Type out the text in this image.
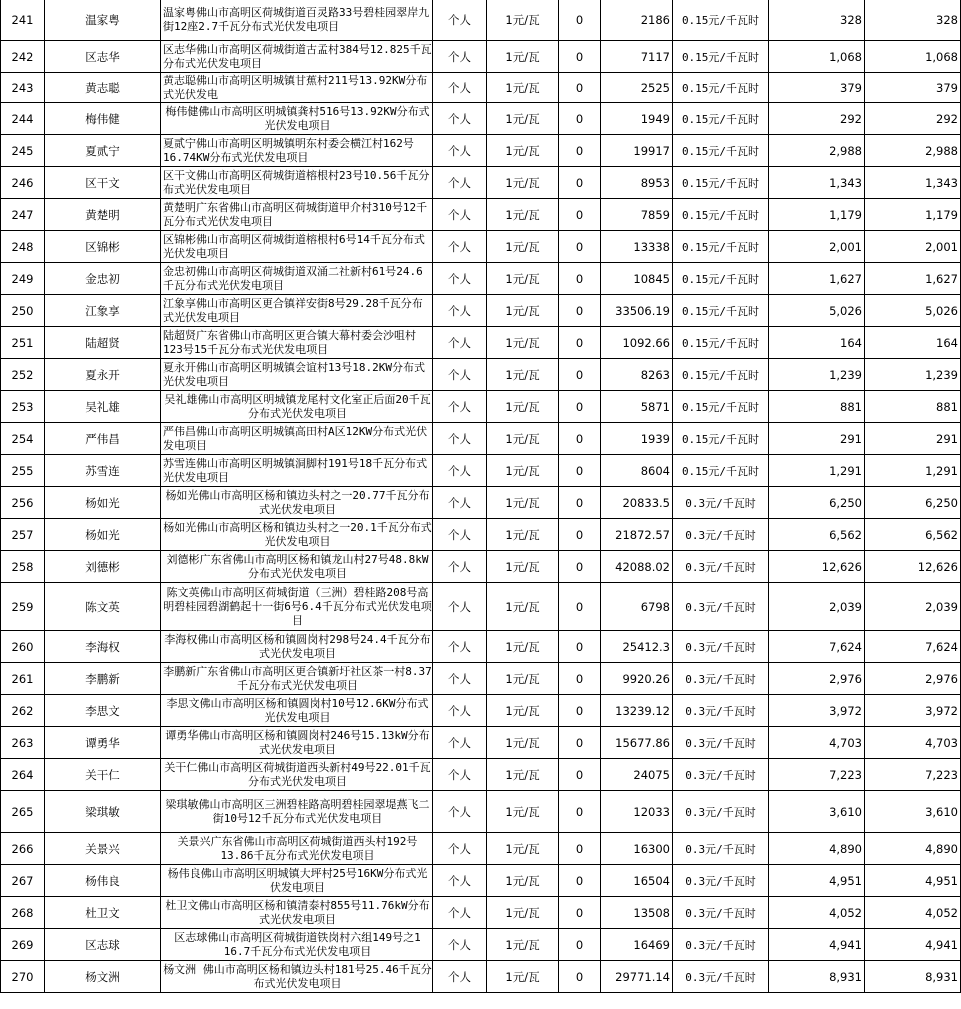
241	温家粤	温家粤佛山市高明区荷城街道百灵路33号碧桂园翠岸九街12座2.7千瓦分布式光伏发电项目	个人	1元/瓦	0	2186	0.15元/千瓦时	328	328
242	区志华	区志华佛山市高明区荷城街道古孟村384号12.825千瓦分布式光伏发电项目	个人	1元/瓦	0	7117	0.15元/千瓦时	1,068	1,068
243	黄志聪	黄志聪佛山市高明区明城镇甘蕉村211号13.92KW分布式光伏发电	个人	1元/瓦	0	2525	0.15元/千瓦时	379	379
244	梅伟健	梅伟健佛山市高明区明城镇龚村516号13.92KW分布式光伏发电项目	个人	1元/瓦	0	1949	0.15元/千瓦时	292	292
245	夏贰宁	夏贰宁佛山市高明区明城镇明东村委会横江村162号16.74KW分布式光伏发电项目	个人	1元/瓦	0	19917	0.15元/千瓦时	2,988	2,988
246	区干文	区干文佛山市高明区荷城街道榕根村23号10.56千瓦分布式光伏发电项目	个人	1元/瓦	0	8953	0.15元/千瓦时	1,343	1,343
247	黄楚明	黄楚明广东省佛山市高明区荷城街道甲介村310号12千瓦分布式光伏发电项目	个人	1元/瓦	0	7859	0.15元/千瓦时	1,179	1,179
248	区锦彬	区锦彬佛山市高明区荷城街道榕根村6号14千瓦分布式光伏发电项目	个人	1元/瓦	0	13338	0.15元/千瓦时	2,001	2,001
249	金忠初	金忠初佛山市高明区荷城街道双涌二社新村61号24.6千瓦分布式光伏发电项目	个人	1元/瓦	0	10845	0.15元/千瓦时	1,627	1,627
250	江象享	江象享佛山市高明区更合镇祥安街8号29.28千瓦分布式光伏发电项目	个人	1元/瓦	0	33506.19	0.15元/千瓦时	5,026	5,026
251	陆超贤	陆超贤广东省佛山市高明区更合镇大幕村委会沙咀村123号15千瓦分布式光伏发电项目	个人	1元/瓦	0	1092.66	0.15元/千瓦时	164	164
252	夏永开	夏永开佛山市高明区明城镇会谊村13号18.2KW分布式光伏发电项目	个人	1元/瓦	0	8263	0.15元/千瓦时	1,239	1,239
253	吴礼雄	吴礼雄佛山市高明区明城镇龙尾村文化室正后面20千瓦分布式光伏发电项目	个人	1元/瓦	0	5871	0.15元/千瓦时	881	881
254	严伟昌	严伟昌佛山市高明区明城镇高田村A区12KW分布式光伏发电项目	个人	1元/瓦	0	1939	0.15元/千瓦时	291	291
255	苏雪连	苏雪连佛山市高明区明城镇洞脚村191号18千瓦分布式光伏发电项目	个人	1元/瓦	0	8604	0.15元/千瓦时	1,291	1,291
256	杨如光	杨如光佛山市高明区杨和镇边头村之一20.77千瓦分布式光伏发电项目	个人	1元/瓦	0	20833.5	0.3元/千瓦时	6,250	6,250
257	杨如光	杨如光佛山市高明区杨和镇边头村之一20.1千瓦分布式光伏发电项目	个人	1元/瓦	0	21872.57	0.3元/千瓦时	6,562	6,562
258	刘德彬	刘德彬广东省佛山市高明区杨和镇龙山村27号48.8kW分布式光伏发电项目	个人	1元/瓦	0	42088.02	0.3元/千瓦时	12,626	12,626
259	陈文英	陈文英佛山市高明区荷城街道（三洲）碧桂路208号高明碧桂园碧湖鹤起十一街6号6.4千瓦分布式光伏发电项目	个人	1元/瓦	0	6798	0.3元/千瓦时	2,039	2,039
260	李海权	李海权佛山市高明区杨和镇圆岗村298号24.4千瓦分布式光伏发电项目	个人	1元/瓦	0	25412.3	0.3元/千瓦时	7,624	7,624
261	李鹏新	李鹏新广东省佛山市高明区更合镇新圩社区茶一村8.37千瓦分布式光伏发电项目	个人	1元/瓦	0	9920.26	0.3元/千瓦时	2,976	2,976
262	李思文	李思文佛山市高明区杨和镇圆岗村10号12.6KW分布式光伏发电项目	个人	1元/瓦	0	13239.12	0.3元/千瓦时	3,972	3,972
263	谭勇华	谭勇华佛山市高明区杨和镇圆岗村246号15.13kW分布式光伏发电项目	个人	1元/瓦	0	15677.86	0.3元/千瓦时	4,703	4,703
264	关干仁	关干仁佛山市高明区荷城街道西头新村49号22.01千瓦分布式光伏发电项目	个人	1元/瓦	0	24075	0.3元/千瓦时	7,223	7,223
265	梁琪敏	梁琪敏佛山市高明区三洲碧桂路高明碧桂园翠堤燕飞二街10号12千瓦分布式光伏发电项目	个人	1元/瓦	0	12033	0.3元/千瓦时	3,610	3,610
266	关景兴	关景兴广东省佛山市高明区荷城街道西头村192号13.86千瓦分布式光伏发电项目	个人	1元/瓦	0	16300	0.3元/千瓦时	4,890	4,890
267	杨伟良	杨伟良佛山市高明区明城镇大坪村25号16KW分布式光伏发电项目	个人	1元/瓦	0	16504	0.3元/千瓦时	4,951	4,951
268	杜卫文	杜卫文佛山市高明区杨和镇清泰村855号11.76kW分布式光伏发电项目	个人	1元/瓦	0	13508	0.3元/千瓦时	4,052	4,052
269	区志球	区志球佛山市高明区荷城街道铁岗村六组149号之1 16.7千瓦分布式光伏发电项目	个人	1元/瓦	0	16469	0.3元/千瓦时	4,941	4,941
270	杨文洲	杨文洲 佛山市高明区杨和镇边头村181号25.46千瓦分布式光伏发电项目	个人	1元/瓦	0	29771.14	0.3元/千瓦时	8,931	8,931
